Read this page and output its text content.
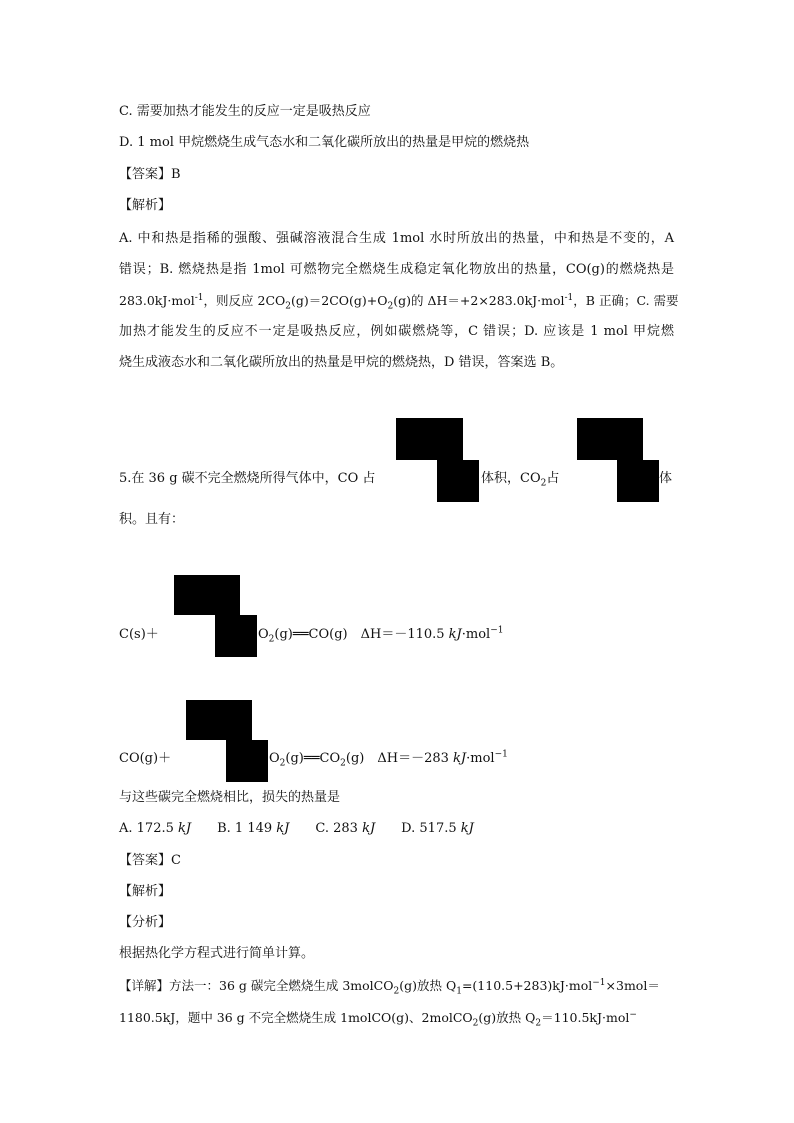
C. 需要加热才能发生的反应一定是吸热反应
D. 1 mol 甲烷燃烧生成气态水和二氧化碳所放出的热量是甲烷的燃烧热
【答案】B
【解析】
A. 中和热是指稀的强酸、强碱溶液混合生成 1mol 水时所放出的热量，中和热是不变的，A
错误；B. 燃烧热是指 1mol 可燃物完全燃烧生成稳定氧化物放出的热量，CO(g)的燃烧热是
283.0kJ·mol$^{-1}$，则反应 $2CO_2(g)=2CO(g)+O_2(g)$的 ΔH＝+2×283.0kJ·mol$^{-1}$，B 正确；C. 需要
加热才能发生的反应不一定是吸热反应，例如碳燃烧等，C 错误；D. 应该是 1 mol 甲烷燃
烧生成液态水和二氧化碳所放出的热量是甲烷的燃烧热，D 错误，答案选 B。
5.在 36 g 碳不完全燃烧所得气体中，CO 占	体积，$CO_2$占	体
积。且有：
C(s)＋	$O_2(g)══CO(g)$　ΔH＝－110.5 kJ·mol$^{-1}$
CO(g)＋	$O_2(g)══CO_2(g)$　ΔH＝－283 kJ·mol$^{-1}$
与这些碳完全燃烧相比，损失的热量是
A. 172.5 kJ B. 1 149 kJ C. 283 kJ D. 517.5 kJ
【答案】C
【解析】
【分析】
根据热化学方程式进行简单计算。
【详解】方法一：36 g 碳完全燃烧生成 3molCO$_2$(g)放热 $Q_1=(110.5+283)kJ\cdot mol^{-1}\times 3mol=$
1180.5kJ，题中 36 g 不完全燃烧生成 1molCO(g)、2molCO$_2$(g)放热 $Q_2=110.5kJ\cdot mol^-$
